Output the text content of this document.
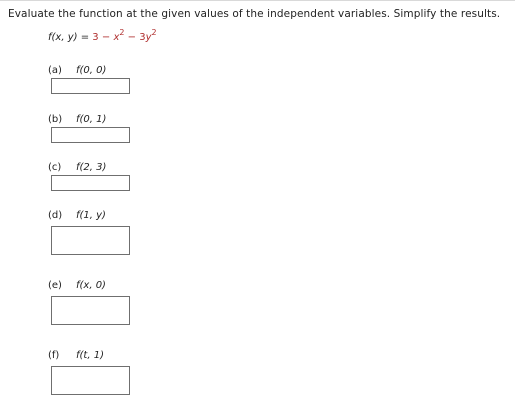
Evaluate the function at the given values of the independent variables. Simplify the results.
f(x, $y) = 3 - x^2 - 3y^2$
(a) f(0, 0)
(b) f(0, 1)
(c) f(2, 3)
(d) f(1, y)
(e) f(x, 0)
(f) f(t, 1)
